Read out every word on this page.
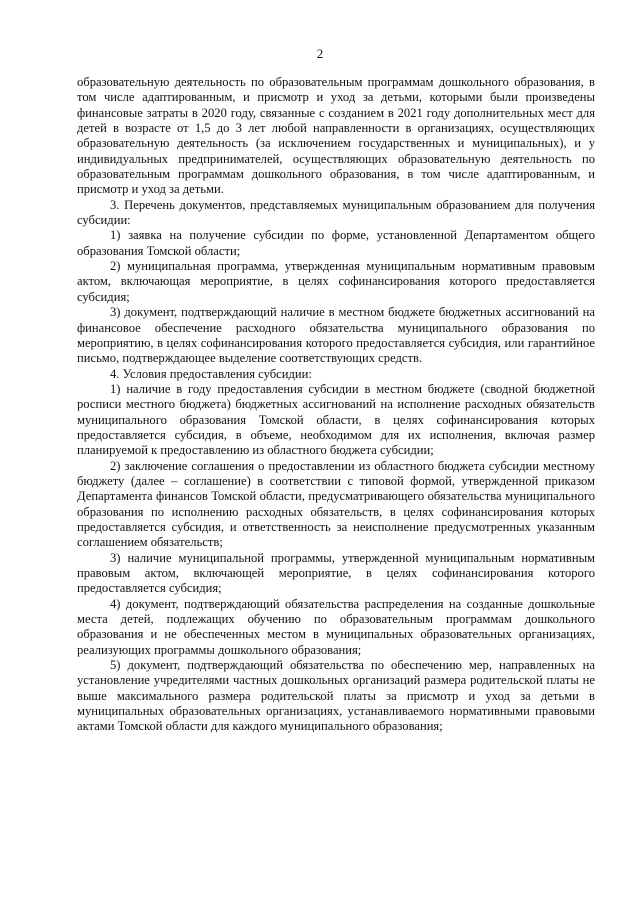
2

образовательную деятельность по образовательным программам дошкольного образования, в том числе адаптированным, и присмотр и уход за детьми, которыми были произведены финансовые затраты в 2020 году, связанные с созданием в 2021 году дополнительных мест для детей в возрасте от 1,5 до 3 лет любой направленности в организациях, осуществляющих образовательную деятельность (за исключением государственных и муниципальных), и у индивидуальных предпринимателей, осуществляющих образовательную деятельность по образовательным программам дошкольного образования, в том числе адаптированным, и присмотр и уход за детьми.

3. Перечень документов, представляемых муниципальным образованием для получения субсидии:

1) заявка на получение субсидии по форме, установленной Департаментом общего образования Томской области;

2) муниципальная программа, утвержденная муниципальным нормативным правовым актом, включающая мероприятие, в целях софинансирования которого предоставляется субсидия;

3) документ, подтверждающий наличие в местном бюджете бюджетных ассигнований на финансовое обеспечение расходного обязательства муниципального образования по мероприятию, в целях софинансирования которого предоставляется субсидия, или гарантийное письмо, подтверждающее выделение соответствующих средств.

4. Условия предоставления субсидии:

1) наличие в году предоставления субсидии в местном бюджете (сводной бюджетной росписи местного бюджета) бюджетных ассигнований на исполнение расходных обязательств муниципального образования Томской области, в целях софинансирования которых предоставляется субсидия, в объеме, необходимом для их исполнения, включая размер планируемой к предоставлению из областного бюджета субсидии;

2) заключение соглашения о предоставлении из областного бюджета субсидии местному бюджету (далее – соглашение) в соответствии с типовой формой, утвержденной приказом Департамента финансов Томской области, предусматривающего обязательства муниципального образования по исполнению расходных обязательств, в целях софинансирования которых предоставляется субсидия, и ответственность за неисполнение предусмотренных указанным соглашением обязательств;

3) наличие муниципальной программы, утвержденной муниципальным нормативным правовым актом, включающей мероприятие, в целях софинансирования которого предоставляется субсидия;

4) документ, подтверждающий обязательства распределения на созданные дошкольные места детей, подлежащих обучению по образовательным программам дошкольного образования и не обеспеченных местом в муниципальных образовательных организациях, реализующих программы дошкольного образования;

5) документ, подтверждающий обязательства по обеспечению мер, направленных на установление учредителями частных дошкольных организаций размера родительской платы не выше максимального размера родительской платы за присмотр и уход за детьми в муниципальных образовательных организациях, устанавливаемого нормативными правовыми актами Томской области для каждого муниципального образования;
